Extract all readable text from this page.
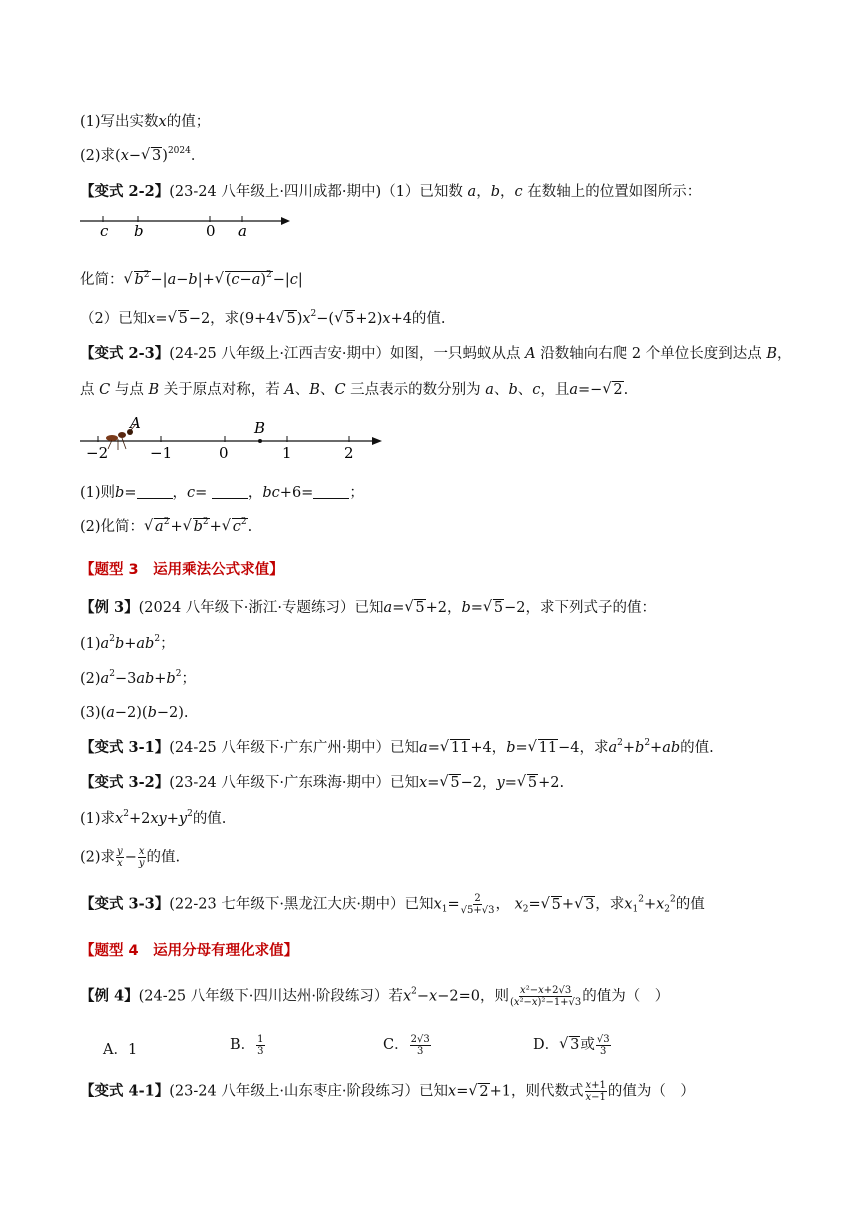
(1)写出实数x的值；
(2)求(x−√ 3)$^{2024}$．
【变式 2-2】(23-24 八年级上·四川成都·期中)（1）已知数 a，b，c 在数轴上的位置如图所示：
c b	0 a
化简：√ $b^2-|a-b|+√$ $(c-a)^2-|c|$
（2）已知x=√ 5−2，求(9+4√ $5)x^2-(√$ 5+2)x+4的值.
【变式 2-3】(24-25 八年级上·江西吉安·期中）如图，一只蚂蚁从点 A 沿数轴向右爬 2 个单位长度到达点 B，
点 C 与点 B 关于原点对称，若 A、B、C 三点表示的数分别为 a、b、c，且a=−√ 2.
A	B
−2	−1	0	1	2
(1)则b= ，c= ，bc+6= ；
(2)化简：√ $a^2+√$ $b^2+√$ $c^2$.
【题型 3　运用乘法公式求值】
【例 3】(2024 八年级下·浙江·专题练习）已知a=√ 5+2，b=√ 5−2，求下列式子的值：
$(1)a^2b+ab^2$；
$(2)a^2-3ab+b^2$；
(3)(a−2)(b−2).
【变式 3-1】(24-25 八年级下·广东广州·期中）已知a=√ 11+4，b=√ 11−4，求$a^2+b^2+ab$的值.
【变式 3-2】(23-24 八年级下·广东珠海·期中）已知x=√ 5−2，y=√ 5+2.
(1)求$x^2+2xy+y^2$的值.
(2)求 $\frac{y}{x} - \frac{x}{y}$ 的值.
【变式 3-3】(22-23 七年级下·黑龙江大庆·期中）已知$x_1= \frac{2}{√5+√3}$ ， $x_2=√$ 5+√ 3，求$x_1^2+x_2^2$的值
【题型 4　运用分母有理化求值】
【例 4】(24-25 八年级下·四川达州·阶段练习）若$x^2-x-2=0$，则 $\frac{\text{x²−x+2√3}}{\text{(x²−x)²−1+√3}}$ 的值为（　）
A．1	B． $\frac{1}{3}$	C． $\frac{2√3}{3}$	D．√ 3或 $\frac{√3}{3}$
【变式 4-1】(23-24 八年级上·山东枣庄·阶段练习）已知x=√ 2+1，则代数式 $\frac{x+1}{x-1}$ 的值为（　）
